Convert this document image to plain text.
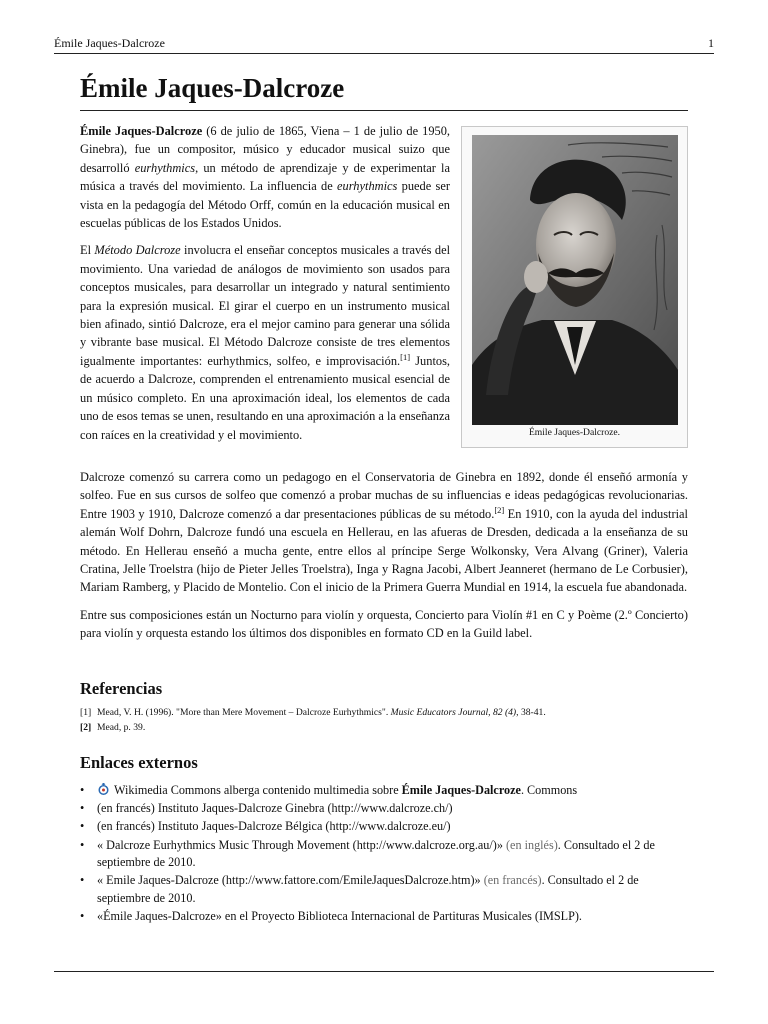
Émile Jaques-Dalcroze	1
Émile Jaques-Dalcroze

Émile Jaques-Dalcroze (6 de julio de 1865, Viena – 1 de julio de 1950, Ginebra), fue un compositor, músico y educador musical suizo que desarrolló eurhythmics, un método de aprendizaje y de experimentar la música a través del movimiento. La influencia de eurhythmics puede ser vista en la pedagogía del Método Orff, común en la educación musical en escuelas públicas de los Estados Unidos.

El Método Dalcroze involucra el enseñar conceptos musicales a través del movimiento. Una variedad de análogos de movimiento son usados para conceptos musicales, para desarrollar un integrado y natural sentimiento para la expresión musical. El girar el cuerpo en un instrumento musical bien afinado, sintió Dalcroze, era el mejor camino para generar una sólida y vibrante base musical. El Método Dalcroze consiste de tres elementos igualmente importantes: eurhythmics, solfeo, e improvisación.[1] Juntos, de acuerdo a Dalcroze, comprenden el entrenamiento musical esencial de un músico completo. En una aproximación ideal, los elementos de cada uno de esos temas se unen, resultando en una aproximación a la enseñanza con raíces en la creatividad y el movimiento.	Émile Jaques-Dalcroze.

Dalcroze comenzó su carrera como un pedagogo en el Conservatoria de Ginebra en 1892, donde él enseñó armonía y solfeo. Fue en sus cursos de solfeo que comenzó a probar muchas de su influencias e ideas pedagógicas revolucionarias. Entre 1903 y 1910, Dalcroze comenzó a dar presentaciones públicas de su método.[2] En 1910, con la ayuda del industrial alemán Wolf Dohrn, Dalcroze fundó una escuela en Hellerau, en las afueras de Dresden, dedicada a la enseñanza de su método. En Hellerau enseñó a mucha gente, entre ellos al príncipe Serge Wolkonsky, Vera Alvang (Griner), Valeria Cratina, Jelle Troelstra (hijo de Pieter Jelles Troelstra), Inga y Ragna Jacobi, Albert Jeanneret (hermano de Le Corbusier), Mariam Ramberg, y Placido de Montelio. Con el inicio de la Primera Guerra Mundial en 1914, la escuela fue abandonada.

Entre sus composiciones están un Nocturno para violín y orquesta, Concierto para Violín #1 en C y Poème (2.º Concierto) para violín y orquesta estando los últimos dos disponibles en formato CD en la Guild label.

Referencias
[1] Mead, V. H. (1996). "More than Mere Movement – Dalcroze Eurhythmics". Music Educators Journal, 82 (4), 38-41.
[2] Mead, p. 39.
Enlaces externos
• Wikimedia Commons alberga contenido multimedia sobre Émile Jaques-Dalcroze. Commons
• (en francés) Instituto Jaques-Dalcroze Ginebra (http://www.dalcroze.ch/)
• (en francés) Instituto Jaques-Dalcroze Bélgica (http://www.dalcroze.eu/)
• « Dalcroze Eurhythmics Music Through Movement (http://www.dalcroze.org.au/)» (en inglés). Consultado el 2 de septiembre de 2010.
• « Emile Jaques-Dalcroze (http://www.fattore.com/EmileJaquesDalcroze.htm)» (en francés). Consultado el 2 de septiembre de 2010.
• «Émile Jaques-Dalcroze» en el Proyecto Biblioteca Internacional de Partituras Musicales (IMSLP).
